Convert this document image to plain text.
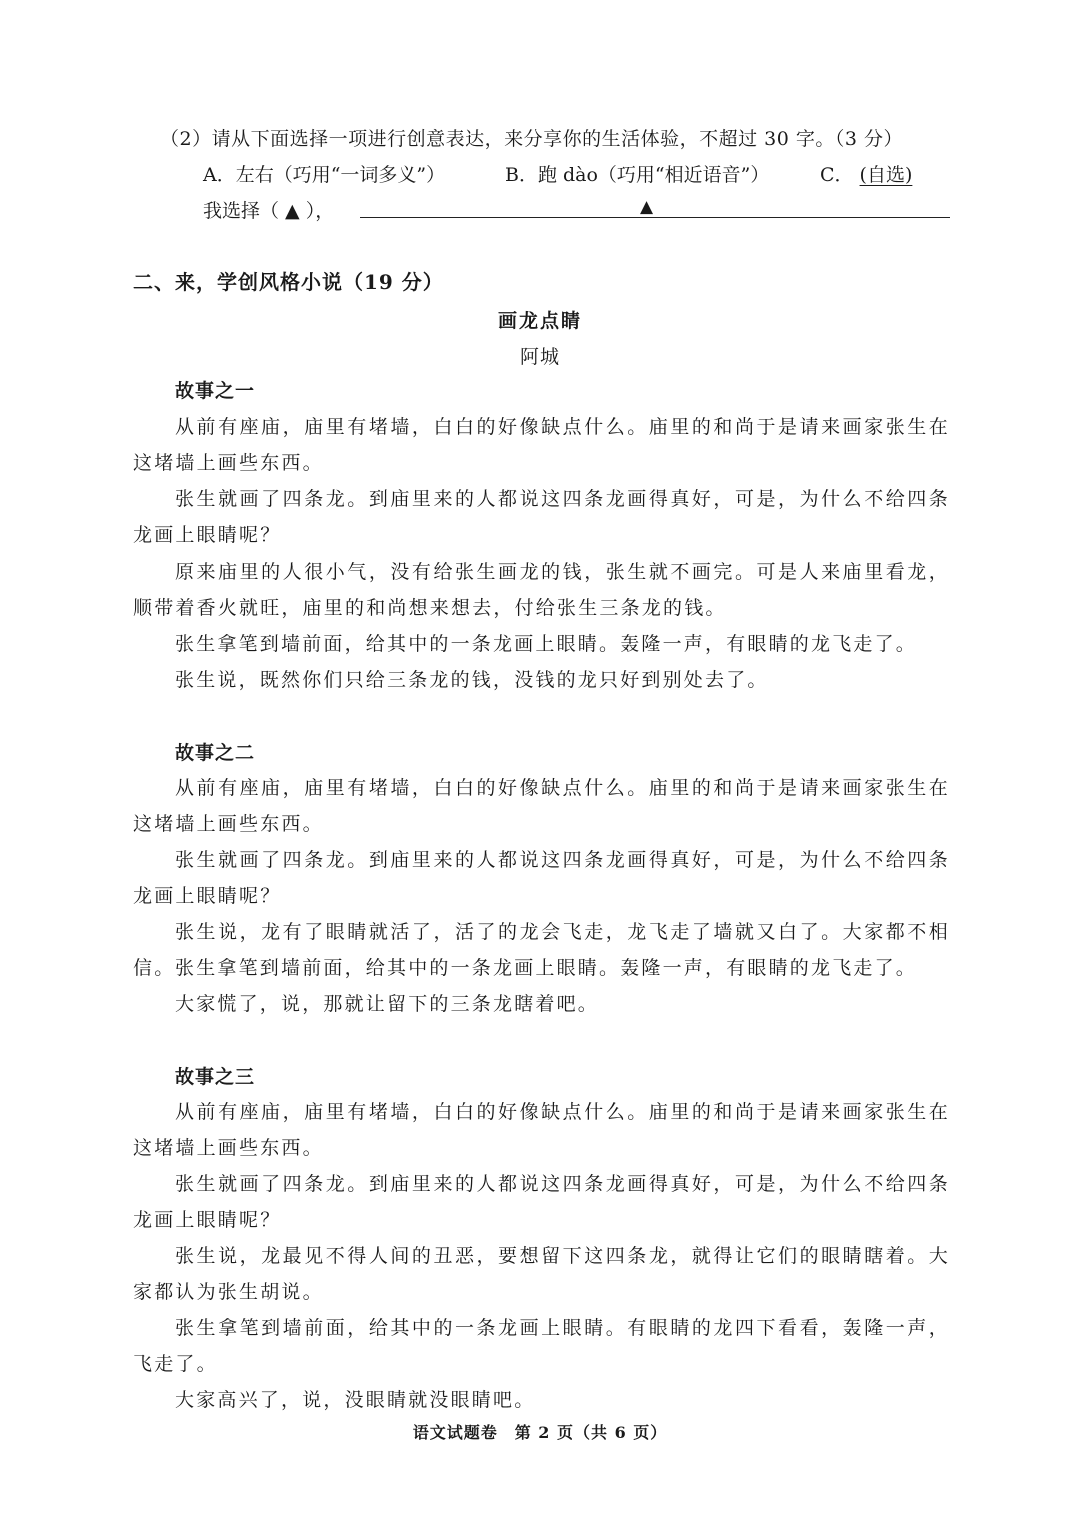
（2）请从下面选择一项进行创意表达，来分享你的生活体验，不超过 30 字。（3 分）
A．左右（巧用“一词多义”）	B．跑 dào（巧用“相近语音”）	C． (自选)
我选择（ ▲ ），	▲
二、来，学创风格小说（19 分）
画龙点睛
阿城
故事之一

从前有座庙，庙里有堵墙，白白的好像缺点什么。庙里的和尚于是请来画家张生在这堵墙上画些东西。

张生就画了四条龙。到庙里来的人都说这四条龙画得真好，可是，为什么不给四条龙画上眼睛呢？

原来庙里的人很小气，没有给张生画龙的钱，张生就不画完。可是人来庙里看龙，顺带着香火就旺，庙里的和尚想来想去，付给张生三条龙的钱。

张生拿笔到墙前面，给其中的一条龙画上眼睛。轰隆一声，有眼睛的龙飞走了。

张生说，既然你们只给三条龙的钱，没钱的龙只好到别处去了。

故事之二

从前有座庙，庙里有堵墙，白白的好像缺点什么。庙里的和尚于是请来画家张生在这堵墙上画些东西。

张生就画了四条龙。到庙里来的人都说这四条龙画得真好，可是，为什么不给四条龙画上眼睛呢？

张生说，龙有了眼睛就活了，活了的龙会飞走，龙飞走了墙就又白了。大家都不相信。 张生拿笔到墙前面，给其中的一条龙画上眼睛。轰隆一声，有眼睛的龙飞走了。

大家慌了，说，那就让留下的三条龙瞎着吧。

故事之三

从前有座庙，庙里有堵墙，白白的好像缺点什么。庙里的和尚于是请来画家张生在这堵墙上画些东西。

张生就画了四条龙。到庙里来的人都说这四条龙画得真好，可是，为什么不给四条龙画上眼睛呢？

张生说，龙最见不得人间的丑恶，要想留下这四条龙，就得让它们的眼睛瞎着。大家都认为张生胡说。

张生拿笔到墙前面，给其中的一条龙画上眼睛。有眼睛的龙四下看看，轰隆一声，飞走了。

大家高兴了，说，没眼睛就没眼睛吧。

语文试题卷　第 2 页（共 6 页）
